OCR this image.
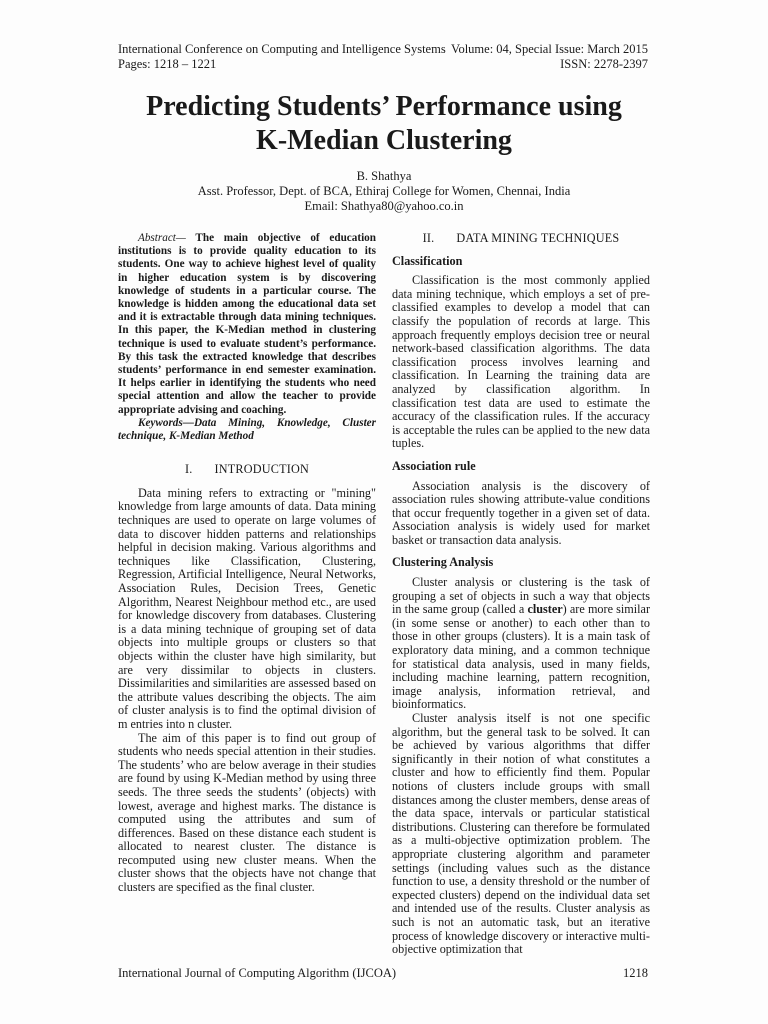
International Conference on Computing and Intelligence Systems
Pages: 1218 – 1221
Volume: 04, Special Issue: March 2015
ISSN: 2278-2397
Predicting Students’ Performance using
K-Median Clustering
B. Shathya
Asst. Professor, Dept. of BCA, Ethiraj College for Women, Chennai, India
Email: Shathya80@yahoo.co.in

Abstract— The main objective of education institutions is to provide quality education to its students. One way to achieve highest level of quality in higher education system is by discovering knowledge of students in a particular course. The knowledge is hidden among the educational data set and it is extractable through data mining techniques. In this paper, the K-Median method in clustering technique is used to evaluate student’s performance. By this task the extracted knowledge that describes students’ performance in end semester examination. It helps earlier in identifying the students who need special attention and allow the teacher to provide appropriate advising and coaching.

Keywords—Data Mining, Knowledge, Cluster technique, K-Median Method

I. INTRODUCTION

Data mining refers to extracting or "mining" knowledge from large amounts of data. Data mining techniques are used to operate on large volumes of data to discover hidden patterns and relationships helpful in decision making. Various algorithms and techniques like Classification, Clustering, Regression, Artificial Intelligence, Neural Networks, Association Rules, Decision Trees, Genetic Algorithm, Nearest Neighbour method etc., are used for knowledge discovery from databases. Clustering is a data mining technique of grouping set of data objects into multiple groups or clusters so that objects within the cluster have high similarity, but are very dissimilar to objects in clusters. Dissimilarities and similarities are assessed based on the attribute values describing the objects. The aim of cluster analysis is to find the optimal division of m entries into n cluster.

The aim of this paper is to find out group of students who needs special attention in their studies. The students’ who are below average in their studies are found by using K-Median method by using three seeds. The three seeds the students’ (objects) with lowest, average and highest marks. The distance is computed using the attributes and sum of differences. Based on these distance each student is allocated to nearest cluster. The distance is recomputed using new cluster means. When the cluster shows that the objects have not change that clusters are specified as the final cluster.

II. DATA MINING TECHNIQUES
Classification

Classification is the most commonly applied data mining technique, which employs a set of pre-classified examples to develop a model that can classify the population of records at large. This approach frequently employs decision tree or neural network-based classification algorithms. The data classification process involves learning and classification. In Learning the training data are analyzed by classification algorithm. In classification test data are used to estimate the accuracy of the classification rules. If the accuracy is acceptable the rules can be applied to the new data tuples.

Association rule

Association analysis is the discovery of association rules showing attribute-value conditions that occur frequently together in a given set of data. Association analysis is widely used for market basket or transaction data analysis.

Clustering Analysis

Cluster analysis or clustering is the task of grouping a set of objects in such a way that objects in the same group (called a cluster) are more similar (in some sense or another) to each other than to those in other groups (clusters). It is a main task of exploratory data mining, and a common technique for statistical data analysis, used in many fields, including machine learning, pattern recognition, image analysis, information retrieval, and bioinformatics.

Cluster analysis itself is not one specific algorithm, but the general task to be solved. It can be achieved by various algorithms that differ significantly in their notion of what constitutes a cluster and how to efficiently find them. Popular notions of clusters include groups with small distances among the cluster members, dense areas of the data space, intervals or particular statistical distributions. Clustering can therefore be formulated as a multi-objective optimization problem. The appropriate clustering algorithm and parameter settings (including values such as the distance function to use, a density threshold or the number of expected clusters) depend on the individual data set and intended use of the results. Cluster analysis as such is not an automatic task, but an iterative process of knowledge discovery or interactive multi-objective optimization that

International Journal of Computing Algorithm (IJCOA)	1218
